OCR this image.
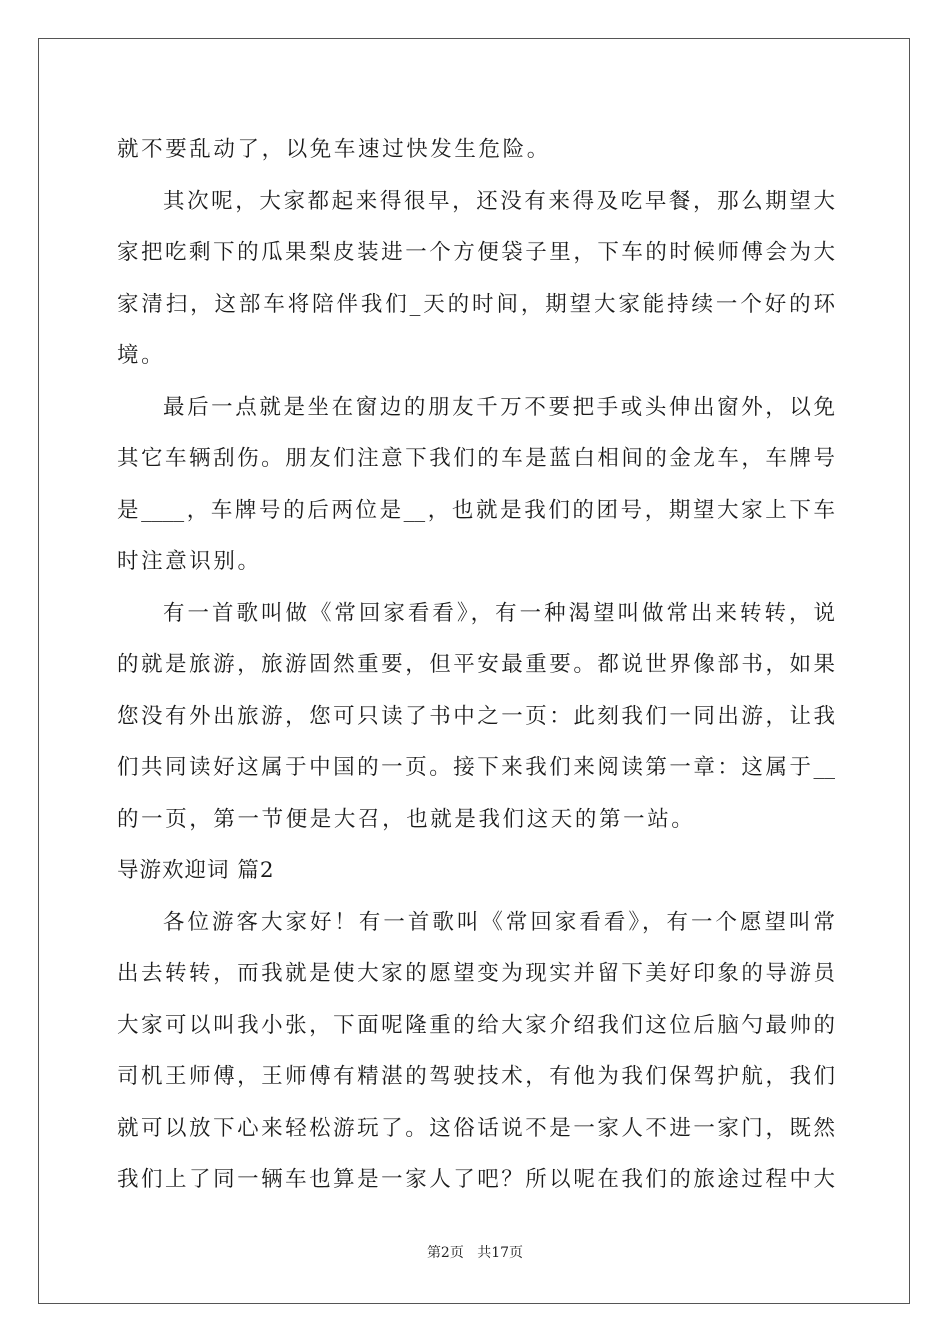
就不要乱动了，以免车速过快发生危险。
其次呢，大家都起来得很早，还没有来得及吃早餐，那么期望大
家把吃剩下的瓜果梨皮装进一个方便袋子里，下车的时候师傅会为大
家清扫，这部车将陪伴我们_天的时间，期望大家能持续一个好的环
境。
最后一点就是坐在窗边的朋友千万不要把手或头伸出窗外，以免
其它车辆刮伤。朋友们注意下我们的车是蓝白相间的金龙车，车牌号
是____，车牌号的后两位是__，也就是我们的团号，期望大家上下车
时注意识别。
有一首歌叫做《常回家看看》，有一种渴望叫做常出来转转，说
的就是旅游，旅游固然重要，但平安最重要。都说世界像部书，如果
您没有外出旅游，您可只读了书中之一页：此刻我们一同出游，让我
们共同读好这属于中国的一页。接下来我们来阅读第一章：这属于__
的一页，第一节便是大召，也就是我们这天的第一站。
导游欢迎词 篇2
各位游客大家好！有一首歌叫《常回家看看》，有一个愿望叫常
出去转转，而我就是使大家的愿望变为现实并留下美好印象的导游员
大家可以叫我小张，下面呢隆重的给大家介绍我们这位后脑勺最帅的
司机王师傅，王师傅有精湛的驾驶技术，有他为我们保驾护航，我们
就可以放下心来轻松游玩了。这俗话说不是一家人不进一家门，既然
我们上了同一辆车也算是一家人了吧？所以呢在我们的旅途过程中大
第2页 共17页
